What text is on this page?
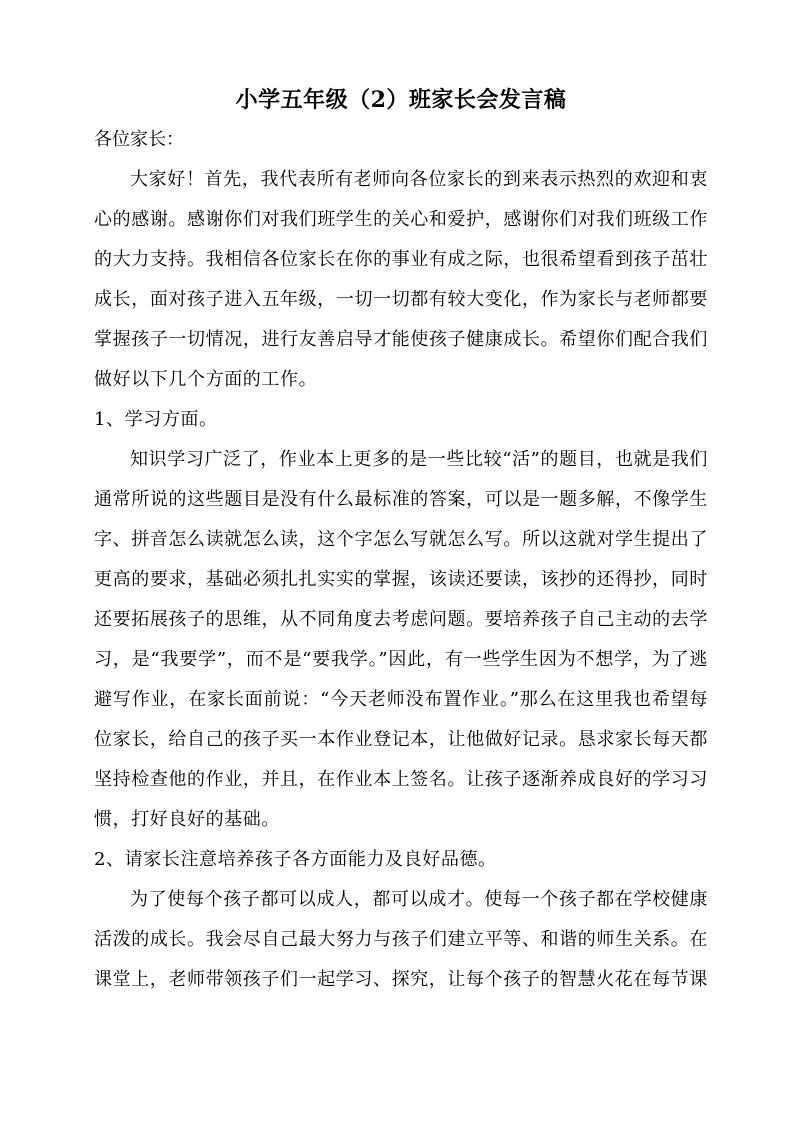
小学五年级（2）班家长会发言稿

各位家长：

大家好！首先，我代表所有老师向各位家长的到来表示热烈的欢迎和衷心的感谢。感谢你们对我们班学生的关心和爱护，感谢你们对我们班级工作的大力支持。我相信各位家长在你的事业有成之际，也很希望看到孩子茁壮成长，面对孩子进入五年级，一切一切都有较大变化，作为家长与老师都要掌握孩子一切情况，进行友善启导才能使孩子健康成长。希望你们配合我们做好以下几个方面的工作。

1、学习方面。

知识学习广泛了，作业本上更多的是一些比较“活”的题目，也就是我们通常所说的这些题目是没有什么最标准的答案，可以是一题多解，不像学生字、拼音怎么读就怎么读，这个字怎么写就怎么写。所以这就对学生提出了更高的要求，基础必须扎扎实实的掌握，该读还要读，该抄的还得抄，同时还要拓展孩子的思维，从不同角度去考虑问题。要培养孩子自己主动的去学习，是“我要学”，而不是“要我学。”因此，有一些学生因为不想学，为了逃避写作业，在家长面前说：“今天老师没布置作业。”那么在这里我也希望每位家长，给自己的孩子买一本作业登记本，让他做好记录。恳求家长每天都坚持检查他的作业，并且，在作业本上签名。让孩子逐渐养成良好的学习习惯，打好良好的基础。

2、请家长注意培养孩子各方面能力及良好品德。

为了使每个孩子都可以成人，都可以成才。使每一个孩子都在学校健康活泼的成长。我会尽自己最大努力与孩子们建立平等、和谐的师生关系。在课堂上，老师带领孩子们一起学习、探究，让每个孩子的智慧火花在每节课
